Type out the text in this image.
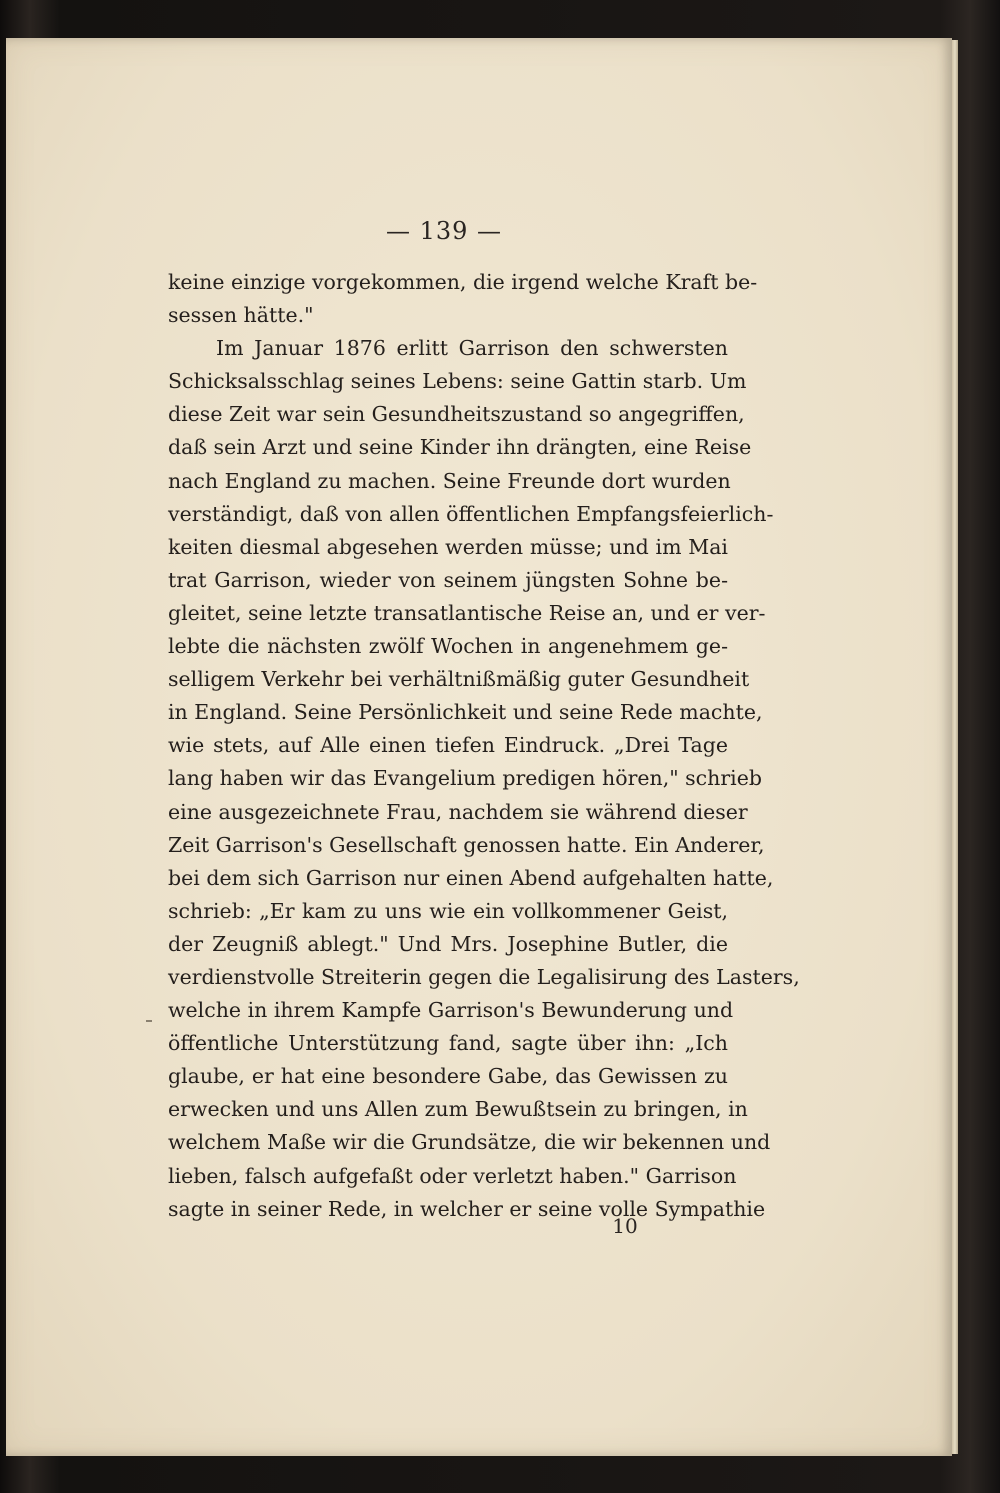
— 139 —
keine einzige vorgekommen, die irgend welche Kraft be-
sessen hätte."
Im Januar 1876 erlitt Garrison den schwersten
Schicksalsschlag seines Lebens: seine Gattin starb. Um
diese Zeit war sein Gesundheitszustand so angegriffen,
daß sein Arzt und seine Kinder ihn drängten, eine Reise
nach England zu machen. Seine Freunde dort wurden
verständigt, daß von allen öffentlichen Empfangsfeierlich-
keiten diesmal abgesehen werden müsse; und im Mai
trat Garrison, wieder von seinem jüngsten Sohne be-
gleitet, seine letzte transatlantische Reise an, und er ver-
lebte die nächsten zwölf Wochen in angenehmem ge-
selligem Verkehr bei verhältnißmäßig guter Gesundheit
in England. Seine Persönlichkeit und seine Rede machte,
wie stets, auf Alle einen tiefen Eindruck. „Drei Tage
lang haben wir das Evangelium predigen hören," schrieb
eine ausgezeichnete Frau, nachdem sie während dieser
Zeit Garrison's Gesellschaft genossen hatte. Ein Anderer,
bei dem sich Garrison nur einen Abend aufgehalten hatte,
schrieb: „Er kam zu uns wie ein vollkommener Geist,
der Zeugniß ablegt." Und Mrs. Josephine Butler, die
verdienstvolle Streiterin gegen die Legalisirung des Lasters,
welche in ihrem Kampfe Garrison's Bewunderung und
öffentliche Unterstützung fand, sagte über ihn: „Ich
glaube, er hat eine besondere Gabe, das Gewissen zu
erwecken und uns Allen zum Bewußtsein zu bringen, in
welchem Maße wir die Grundsätze, die wir bekennen und
lieben, falsch aufgefaßt oder verletzt haben." Garrison
sagte in seiner Rede, in welcher er seine volle Sympathie
10
